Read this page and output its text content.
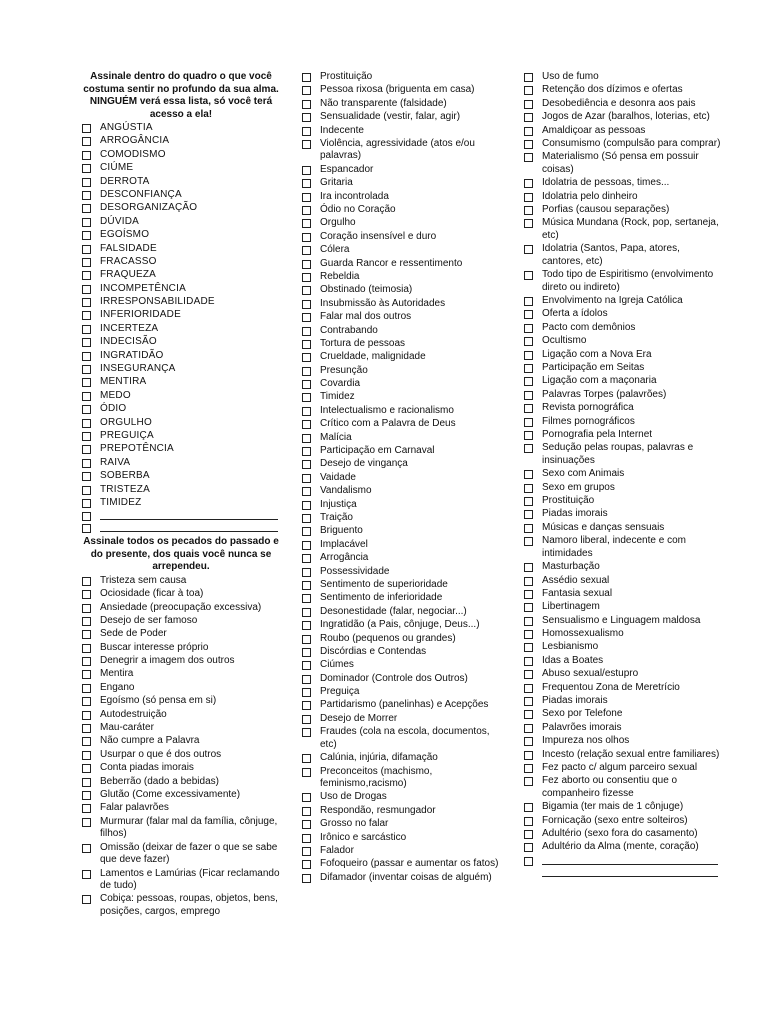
Assinale dentro do quadro o que você costuma sentir no profundo da sua alma. NINGUÉM verá essa lista, só você terá acesso a ela!
ANGÚSTIA
ARROGÂNCIA
COMODISMO
CIÚME
DERROTA
DESCONFIANÇA
DESORGANIZAÇÃO
DÚVIDA
EGOÍSMO
FALSIDADE
FRACASSO
FRAQUEZA
INCOMPETÊNCIA
IRRESPONSABILIDADE
INFERIORIDADE
INCERTEZA
INDECISÃO
INGRATIDÃO
INSEGURANÇA
MENTIRA
MEDO
ÓDIO
ORGULHO
PREGUIÇA
PREPOTÊNCIA
RAIVA
SOBERBA
TRISTEZA
TIMIDEZ
Assinale todos os pecados do passado e do presente, dos quais você nunca se arrependeu.
Tristeza sem causa
Ociosidade (ficar à toa)
Ansiedade (preocupação excessiva)
Desejo de ser famoso
Sede de Poder
Buscar interesse próprio
Denegrir a imagem dos outros
Mentira
Engano
Egoísmo (só pensa em si)
Autodestruição
Mau-caráter
Não cumpre a Palavra
Usurpar o que é dos outros
Conta piadas imorais
Beberrão (dado a bebidas)
Glutão (Come excessivamente)
Falar palavrões
Murmurar (falar mal da família, cônjuge, filhos)
Omissão (deixar de fazer o que se sabe que deve fazer)
Lamentos e Lamúrias (Ficar reclamando de tudo)
Cobiça: pessoas, roupas, objetos, bens, posições, cargos, emprego
Prostituição
Pessoa rixosa (briguenta em casa)
Não transparente (falsidade)
Sensualidade (vestir, falar, agir)
Indecente
Violência, agressividade (atos e/ou palavras)
Espancador
Gritaria
Ira incontrolada
Ódio no Coração
Orgulho
Coração insensível e duro
Cólera
Guarda Rancor e ressentimento
Rebeldia
Obstinado (teimosia)
Insubmissão às Autoridades
Falar mal dos outros
Contrabando
Tortura de pessoas
Crueldade, malignidade
Presunção
Covardia
Timidez
Intelectualismo e racionalismo
Crítico com a Palavra de Deus
Malícia
Participação em Carnaval
Desejo de vingança
Vaidade
Vandalismo
Injustiça
Traição
Briguento
Implacável
Arrogância
Possessividade
Sentimento de superioridade
Sentimento de inferioridade
Desonestidade (falar, negociar...)
Ingratidão (a Pais, cônjuge, Deus...)
Roubo (pequenos ou grandes)
Discórdias e Contendas
Ciúmes
Dominador (Controle dos Outros)
Preguiça
Partidarismo (panelinhas) e Acepções
Desejo de Morrer
Fraudes (cola na escola, documentos, etc)
Calúnia, injúria, difamação
Preconceitos (machismo, feminismo,racismo)
Uso de Drogas
Respondão, resmungador
Grosso no falar
Irônico e sarcástico
Falador
Fofoqueiro (passar e aumentar os fatos)
Difamador (inventar coisas de alguém)
Uso de fumo
Retenção dos dízimos e ofertas
Desobediência e desonra aos pais
Jogos de Azar (baralhos, loterias, etc)
Amaldiçoar as pessoas
Consumismo (compulsão para comprar)
Materialismo (Só pensa em possuir coisas)
Idolatria de pessoas, times...
Idolatria pelo dinheiro
Porfias (causou separações)
Música Mundana (Rock, pop, sertaneja, etc)
Idolatria (Santos, Papa, atores, cantores, etc)
Todo tipo de Espiritismo (envolvimento direto ou indireto)
Envolvimento na Igreja Católica
Oferta a ídolos
Pacto com demônios
Ocultismo
Ligação com a Nova Era
Participação em Seitas
Ligação com a maçonaria
Palavras Torpes (palavrões)
Revista pornográfica
Filmes pornográficos
Pornografia pela Internet
Sedução pelas roupas, palavras e insinuações
Sexo com Animais
Sexo em grupos
Prostituição
Piadas imorais
Músicas e danças sensuais
Namoro liberal, indecente e com intimidades
Masturbação
Assédio sexual
Fantasia sexual
Libertinagem
Sensualismo e Linguagem maldosa
Homossexualismo
Lesbianismo
Idas a Boates
Abuso sexual/estupro
Frequentou Zona de Meretrício
Piadas imorais
Sexo por Telefone
Palavrões imorais
Impureza nos olhos
Incesto (relação sexual entre familiares)
Fez pacto c/ algum parceiro sexual
Fez aborto ou consentiu que o companheiro fizesse
Bigamia (ter mais de 1 cônjuge)
Fornicação (sexo entre solteiros)
Adultério (sexo fora do casamento)
Adultério da Alma (mente, coração)
